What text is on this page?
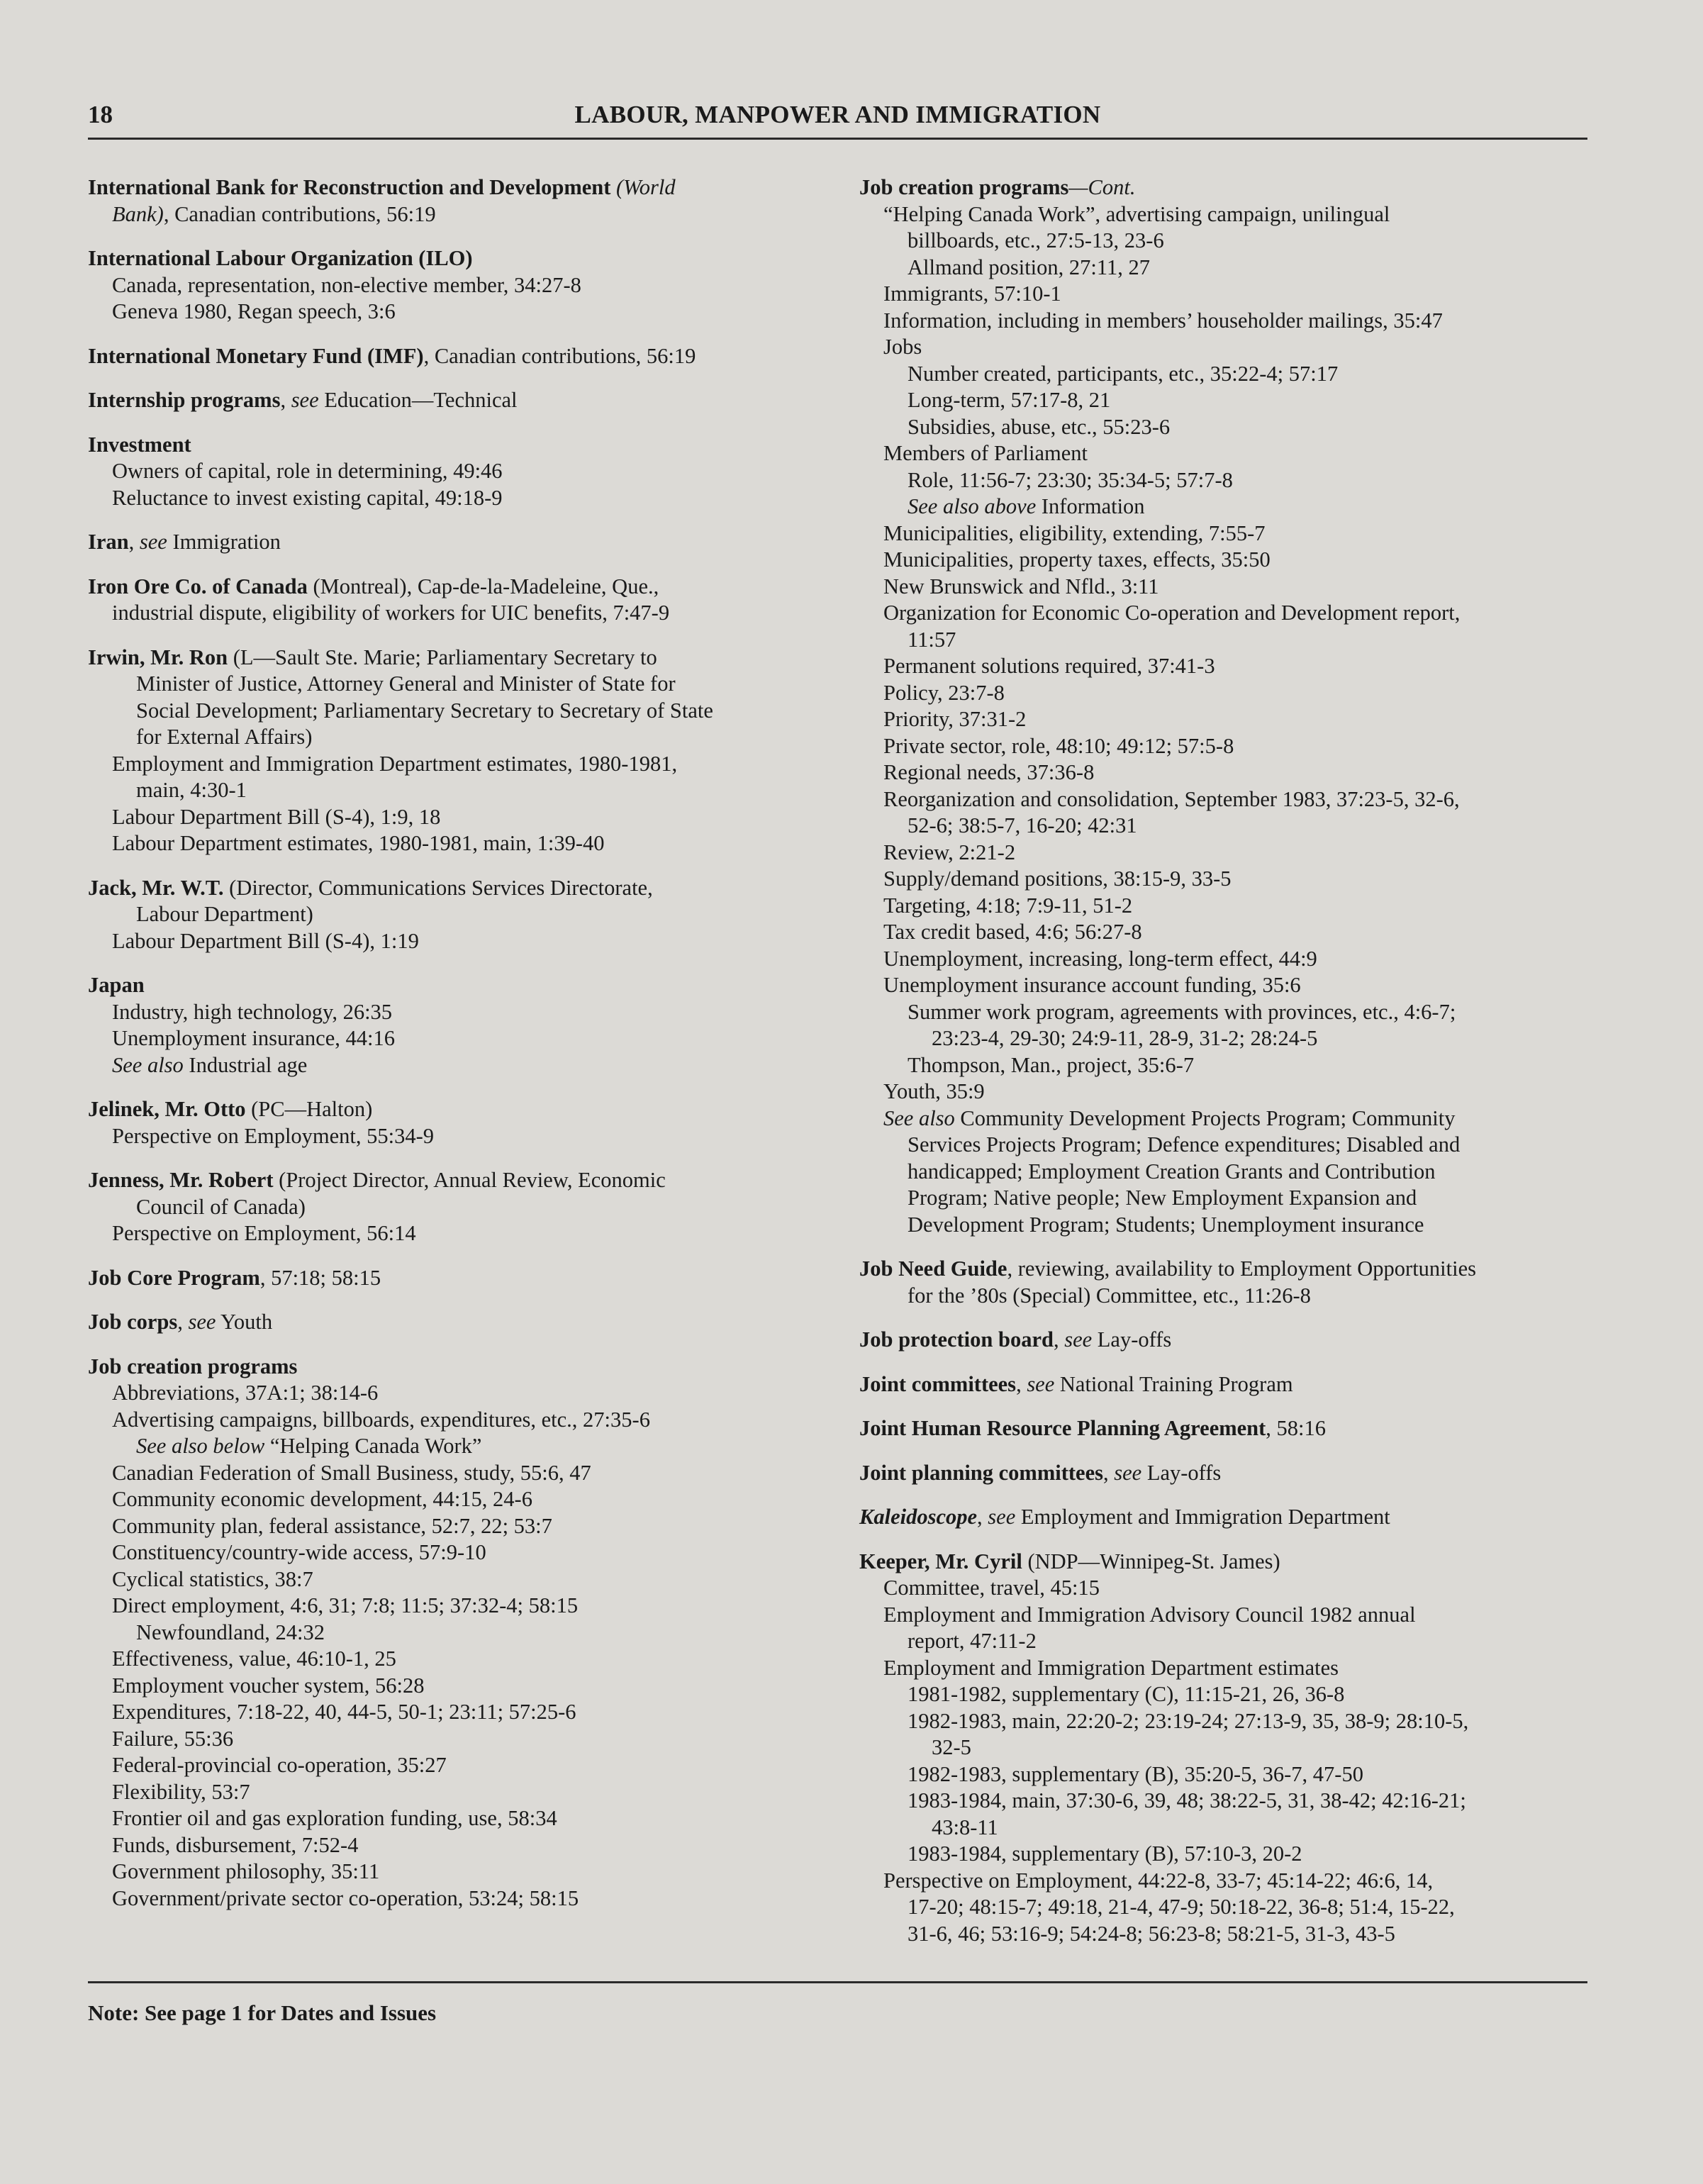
18	LABOUR, MANPOWER AND IMMIGRATION
International Bank for Reconstruction and Development (World
Bank), Canadian contributions, 56:19
International Labour Organization (ILO)
Canada, representation, non-elective member, 34:27-8
Geneva 1980, Regan speech, 3:6
International Monetary Fund (IMF), Canadian contributions, 56:19
Internship programs, see Education—Technical
Investment
Owners of capital, role in determining, 49:46
Reluctance to invest existing capital, 49:18-9
Iran, see Immigration
Iron Ore Co. of Canada (Montreal), Cap-de-la-Madeleine, Que.,
industrial dispute, eligibility of workers for UIC benefits, 7:47-9
Irwin, Mr. Ron (L—Sault Ste. Marie; Parliamentary Secretary to
Minister of Justice, Attorney General and Minister of State for
Social Development; Parliamentary Secretary to Secretary of State
for External Affairs)
Employment and Immigration Department estimates, 1980-1981,
main, 4:30-1
Labour Department Bill (S-4), 1:9, 18
Labour Department estimates, 1980-1981, main, 1:39-40
Jack, Mr. W.T. (Director, Communications Services Directorate,
Labour Department)
Labour Department Bill (S-4), 1:19
Japan
Industry, high technology, 26:35
Unemployment insurance, 44:16
See also Industrial age
Jelinek, Mr. Otto (PC—Halton)
Perspective on Employment, 55:34-9
Jenness, Mr. Robert (Project Director, Annual Review, Economic
Council of Canada)
Perspective on Employment, 56:14
Job Core Program, 57:18; 58:15
Job corps, see Youth
Job creation programs
Abbreviations, 37A:1; 38:14-6
Advertising campaigns, billboards, expenditures, etc., 27:35-6
See also below “Helping Canada Work”
Canadian Federation of Small Business, study, 55:6, 47
Community economic development, 44:15, 24-6
Community plan, federal assistance, 52:7, 22; 53:7
Constituency/country-wide access, 57:9-10
Cyclical statistics, 38:7
Direct employment, 4:6, 31; 7:8; 11:5; 37:32-4; 58:15
Newfoundland, 24:32
Effectiveness, value, 46:10-1, 25
Employment voucher system, 56:28
Expenditures, 7:18-22, 40, 44-5, 50-1; 23:11; 57:25-6
Failure, 55:36
Federal-provincial co-operation, 35:27
Flexibility, 53:7
Frontier oil and gas exploration funding, use, 58:34
Funds, disbursement, 7:52-4
Government philosophy, 35:11
Government/private sector co-operation, 53:24; 58:15
Job creation programs—Cont.
“Helping Canada Work”, advertising campaign, unilingual
billboards, etc., 27:5-13, 23-6
Allmand position, 27:11, 27
Immigrants, 57:10-1
Information, including in members’ householder mailings, 35:47
Jobs
Number created, participants, etc., 35:22-4; 57:17
Long-term, 57:17-8, 21
Subsidies, abuse, etc., 55:23-6
Members of Parliament
Role, 11:56-7; 23:30; 35:34-5; 57:7-8
See also above Information
Municipalities, eligibility, extending, 7:55-7
Municipalities, property taxes, effects, 35:50
New Brunswick and Nfld., 3:11
Organization for Economic Co-operation and Development report,
11:57
Permanent solutions required, 37:41-3
Policy, 23:7-8
Priority, 37:31-2
Private sector, role, 48:10; 49:12; 57:5-8
Regional needs, 37:36-8
Reorganization and consolidation, September 1983, 37:23-5, 32-6,
52-6; 38:5-7, 16-20; 42:31
Review, 2:21-2
Supply/demand positions, 38:15-9, 33-5
Targeting, 4:18; 7:9-11, 51-2
Tax credit based, 4:6; 56:27-8
Unemployment, increasing, long-term effect, 44:9
Unemployment insurance account funding, 35:6
Summer work program, agreements with provinces, etc., 4:6-7;
23:23-4, 29-30; 24:9-11, 28-9, 31-2; 28:24-5
Thompson, Man., project, 35:6-7
Youth, 35:9
See also Community Development Projects Program; Community
Services Projects Program; Defence expenditures; Disabled and
handicapped; Employment Creation Grants and Contribution
Program; Native people; New Employment Expansion and
Development Program; Students; Unemployment insurance
Job Need Guide, reviewing, availability to Employment Opportunities
for the ’80s (Special) Committee, etc., 11:26-8
Job protection board, see Lay-offs
Joint committees, see National Training Program
Joint Human Resource Planning Agreement, 58:16
Joint planning committees, see Lay-offs
Kaleidoscope, see Employment and Immigration Department
Keeper, Mr. Cyril (NDP—Winnipeg-St. James)
Committee, travel, 45:15
Employment and Immigration Advisory Council 1982 annual
report, 47:11-2
Employment and Immigration Department estimates
1981-1982, supplementary (C), 11:15-21, 26, 36-8
1982-1983, main, 22:20-2; 23:19-24; 27:13-9, 35, 38-9; 28:10-5,
32-5
1982-1983, supplementary (B), 35:20-5, 36-7, 47-50
1983-1984, main, 37:30-6, 39, 48; 38:22-5, 31, 38-42; 42:16-21;
43:8-11
1983-1984, supplementary (B), 57:10-3, 20-2
Perspective on Employment, 44:22-8, 33-7; 45:14-22; 46:6, 14,
17-20; 48:15-7; 49:18, 21-4, 47-9; 50:18-22, 36-8; 51:4, 15-22,
31-6, 46; 53:16-9; 54:24-8; 56:23-8; 58:21-5, 31-3, 43-5
Note: See page 1 for Dates and Issues
